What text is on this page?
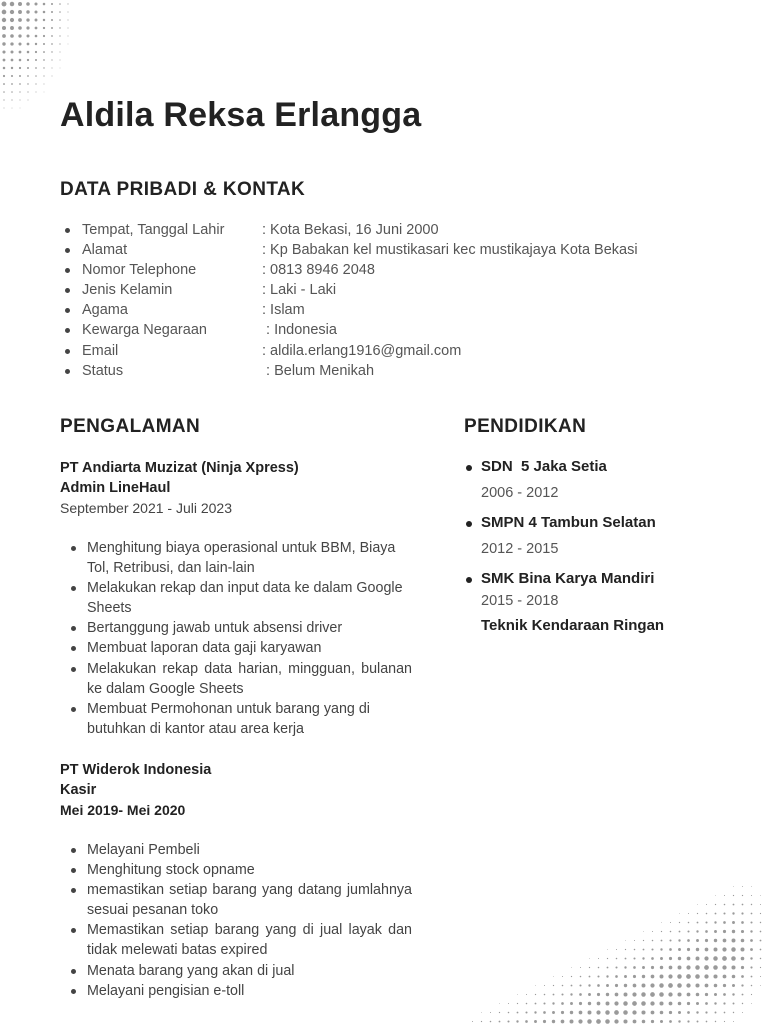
Aldila Reksa Erlangga
DATA PRIBADI & KONTAK
Tempat, Tanggal Lahir	: Kota Bekasi, 16 Juni 2000
Alamat	: Kp Babakan kel mustikasari kec mustikajaya Kota Bekasi
Nomor Telephone	: 0813 8946 2048
Jenis Kelamin	: Laki - Laki
Agama	: Islam
Kewarga Negaraan	: Indonesia
Email	: aldila.erlang1916@gmail.com
Status	: Belum Menikah
PENGALAMAN
PT Andiarta Muzizat (Ninja Xpress)
Admin LineHaul
September 2021 - Juli 2023
Menghitung biaya operasional untuk BBM, Biaya Tol, Retribusi, dan lain-lain
Melakukan rekap dan input data ke dalam Google Sheets
Bertanggung jawab untuk absensi driver
Membuat laporan data gaji karyawan
Melakukan rekap data harian, mingguan, bulanan ke dalam Google Sheets
Membuat Permohonan untuk barang yang di butuhkan di kantor atau area kerja
PT Widerok Indonesia
Kasir
Mei 2019- Mei 2020
Melayani Pembeli
Menghitung stock opname
memastikan setiap barang yang datang jumlahnya sesuai pesanan toko
Memastikan setiap barang yang di jual layak dan tidak melewati batas expired
Menata barang yang akan di jual
Melayani pengisian e-toll
PENDIDIKAN
SDN  5 Jaka Setia
2006 - 2012
SMPN 4 Tambun Selatan
2012 - 2015
SMK Bina Karya Mandiri
2015 - 2018
Teknik Kendaraan Ringan
